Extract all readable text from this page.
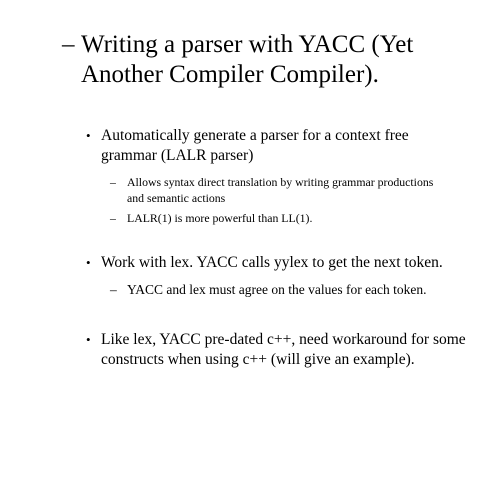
– Writing a parser with YACC (Yet Another Compiler Compiler).
• Automatically generate a parser for a context free grammar (LALR parser)
– Allows syntax direct translation by writing grammar productions and semantic actions
– LALR(1) is more powerful than LL(1).
• Work with lex. YACC calls yylex to get the next token.
– YACC and lex must agree on the values for each token.
• Like lex, YACC pre-dated c++, need workaround for some constructs when using c++ (will give an example).
